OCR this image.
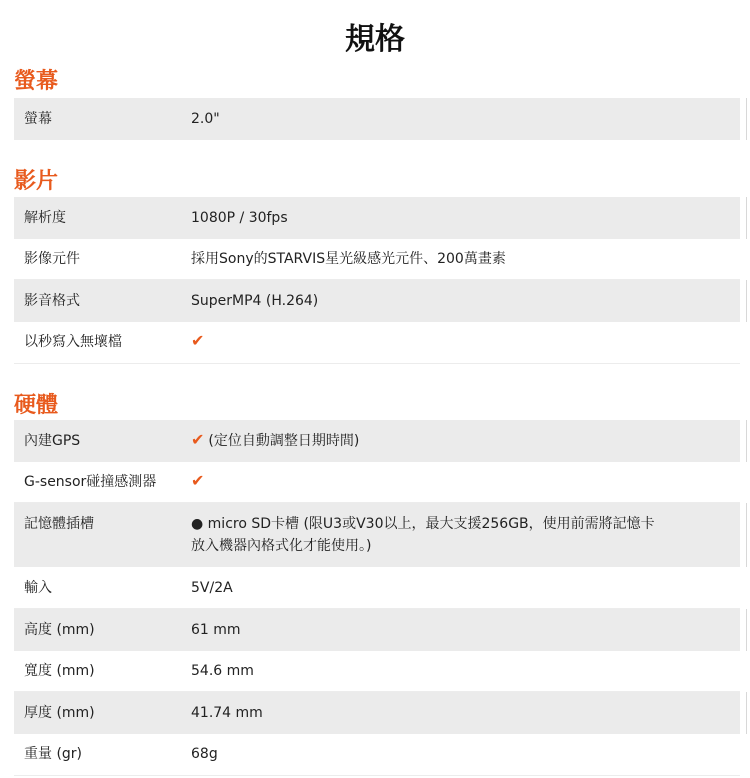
規格
螢幕
螢幕	2.0"
影片
解析度	1080P / 30fps
影像元件	採用Sony的STARVIS星光級感光元件、200萬畫素
影音格式	SuperMP4 (H.264)
以秒寫入無壞檔	✔
硬體
內建GPS	✔ (定位自動調整日期時間)
G-sensor碰撞感測器 ✔
記憶體插槽	● micro SD卡槽 (限U3或V30以上，最大支援256GB，使用前需將記憶卡
放入機器內格式化才能使用。)
輸入	5V/2A
高度 (mm)	61 mm
寬度 (mm)	54.6 mm
厚度 (mm)	41.74 mm
重量 (gr)	68g
